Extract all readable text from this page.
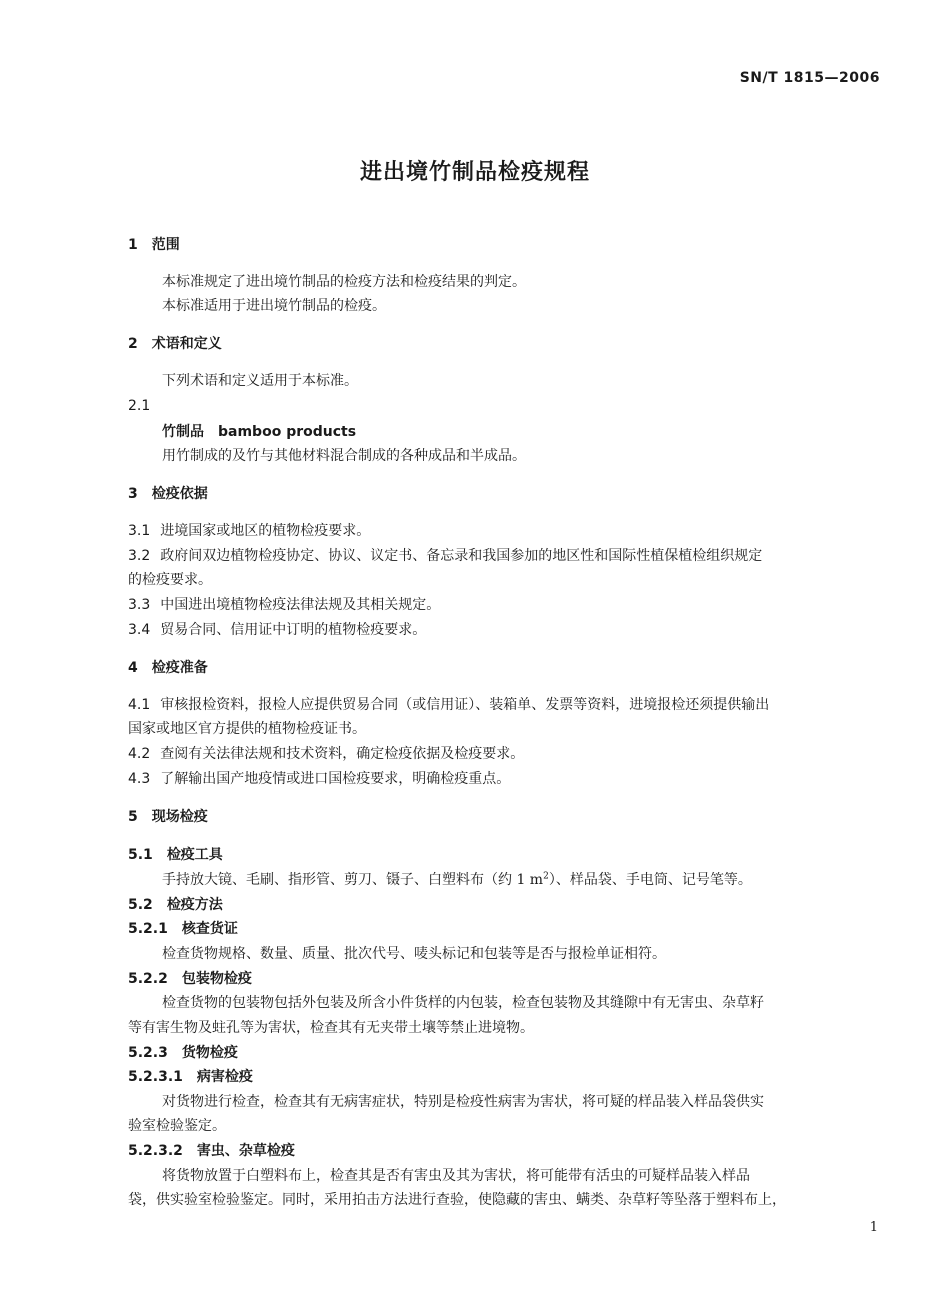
SN/T 1815—2006
进出境竹制品检疫规程
1 范围
本标准规定了进出境竹制品的检疫方法和检疫结果的判定。
本标准适用于进出境竹制品的检疫。
2 术语和定义
下列术语和定义适用于本标准。
2.1
竹制品　bamboo products
用竹制成的及竹与其他材料混合制成的各种成品和半成品。
3 检疫依据
3.1 进境国家或地区的植物检疫要求。
3.2 政府间双边植物检疫协定、协议、议定书、备忘录和我国参加的地区性和国际性植保植检组织规定
的检疫要求。
3.3 中国进出境植物检疫法律法规及其相关规定。
3.4 贸易合同、信用证中订明的植物检疫要求。
4 检疫准备
4.1 审核报检资料，报检人应提供贸易合同（或信用证）、装箱单、发票等资料，进境报检还须提供输出
国家或地区官方提供的植物检疫证书。
4.2 查阅有关法律法规和技术资料，确定检疫依据及检疫要求。
4.3 了解输出国产地疫情或进口国检疫要求，明确检疫重点。
5 现场检疫
5.1 检疫工具
手持放大镜、毛刷、指形管、剪刀、镊子、白塑料布（约 1 $m^2$）、样品袋、手电筒、记号笔等。
5.2 检疫方法
5.2.1 核查货证
检查货物规格、数量、质量、批次代号、唛头标记和包装等是否与报检单证相符。
5.2.2 包装物检疫
检查货物的包装物包括外包装及所含小件货样的内包装，检查包装物及其缝隙中有无害虫、杂草籽
等有害生物及蛀孔等为害状，检查其有无夹带土壤等禁止进境物。
5.2.3 货物检疫
5.2.3.1 病害检疫
对货物进行检查，检查其有无病害症状，特别是检疫性病害为害状，将可疑的样品装入样品袋供实
验室检验鉴定。
5.2.3.2 害虫、杂草检疫
将货物放置于白塑料布上，检查其是否有害虫及其为害状，将可能带有活虫的可疑样品装入样品
袋，供实验室检验鉴定。同时，采用拍击方法进行查验，使隐藏的害虫、螨类、杂草籽等坠落于塑料布上，
1
